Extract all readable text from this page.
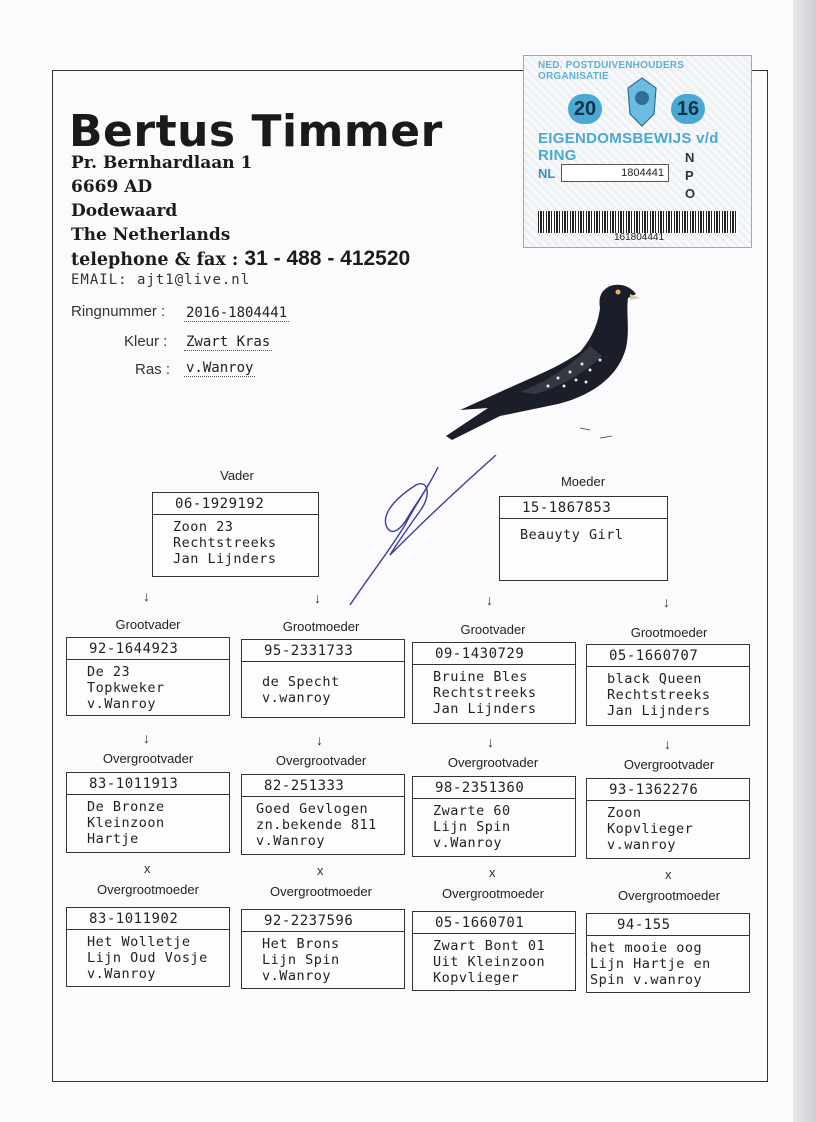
Bertus Timmer
Pr. Bernhardlaan 1
6669 AD
Dodewaard
The Netherlands
telephone & fax : 31 - 488 - 412520
EMAIL: ajt1@live.nl
NED. POSTDUIVENHOUDERS ORGANISATIE
20	16
EIGENDOMSBEWIJS v/d RING
NL	1804441
N
P
O
161804441
Ringnummer : 2016-1804441
Kleur : Zwart Kras
Ras : v.Wanroy
Vader
06-1929192
Zoon 23
Rechtstreeks
Jan Lijnders
Moeder
15-1867853
Beauyty Girl
↓	↓	↓	↓
Grootvader	Grootmoeder	Grootvader	Grootmoeder
92-1644923
De 23
Topkweker
v.Wanroy
95-2331733
de Specht
v.wanroy
09-1430729
Bruine Bles
Rechtstreeks
Jan Lijnders
05-1660707
black Queen
Rechtstreeks
Jan Lijnders
↓	↓	↓	↓
Overgrootvader	Overgrootvader	Overgrootvader	Overgrootvader
83-1011913
De Bronze
Kleinzoon
Hartje
82-251333
Goed Gevlogen
zn.bekende 811
v.Wanroy
98-2351360
Zwarte 60
Lijn Spin
v.Wanroy
93-1362276
Zoon
Kopvlieger
v.wanroy
x	x	x	x
Overgrootmoeder	Overgrootmoeder	Overgrootmoeder	Overgrootmoeder
83-1011902
Het Wolletje
Lijn Oud Vosje
v.Wanroy
92-2237596
Het Brons
Lijn Spin
v.Wanroy
05-1660701
Zwart Bont 01
Uit Kleinzoon
Kopvlieger
94-155
het mooie oog
Lijn Hartje en
Spin v.wanroy
